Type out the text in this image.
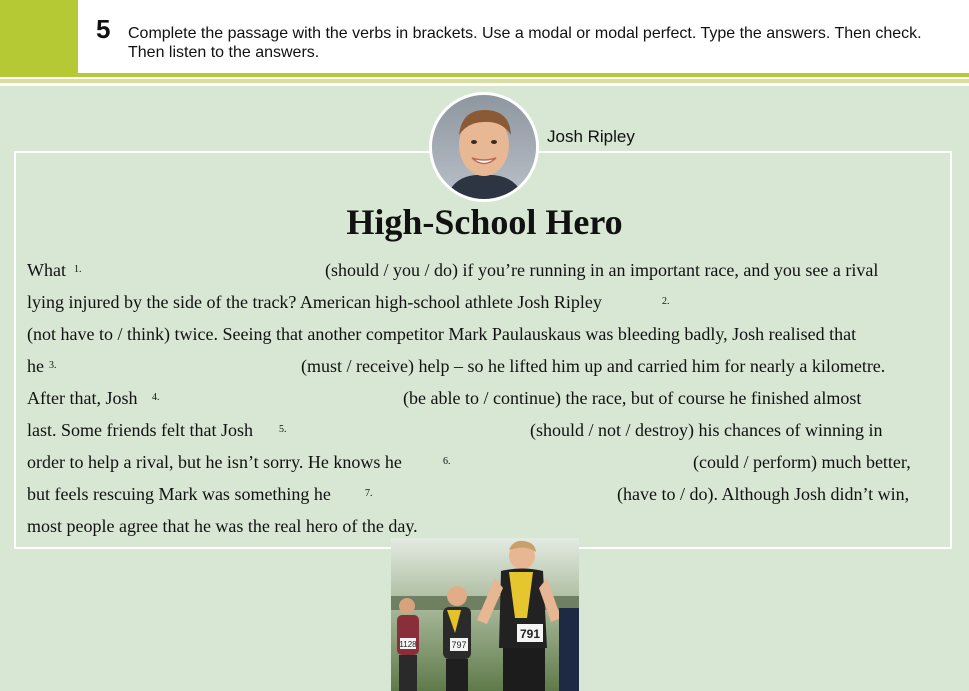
5 Complete the passage with the verbs in brackets. Use a modal or modal perfect. Type the answers. Then check. Then listen to the answers.
Josh Ripley
High-School Hero
What 1.	(should / you / do) if you’re running in an important race, and you see a rival
lying injured by the side of the track? American high-school athlete Josh Ripley	2.
(not have to / think) twice. Seeing that another competitor Mark Paulauskaus was bleeding badly, Josh realised that
he 3.	(must / receive) help – so he lifted him up and carried him for nearly a kilometre.
After that, Josh 4.	(be able to / continue) the race, but of course he finished almost
last. Some friends felt that Josh	5.	(should / not / destroy) his chances of winning in
order to help a rival, but he isn’t sorry. He knows he	6.	(could / perform) much better,
but feels rescuing Mark was something he	7.	(have to / do). Although Josh didn’t win,
most people agree that he was the real hero of the day.
1128	797
791
